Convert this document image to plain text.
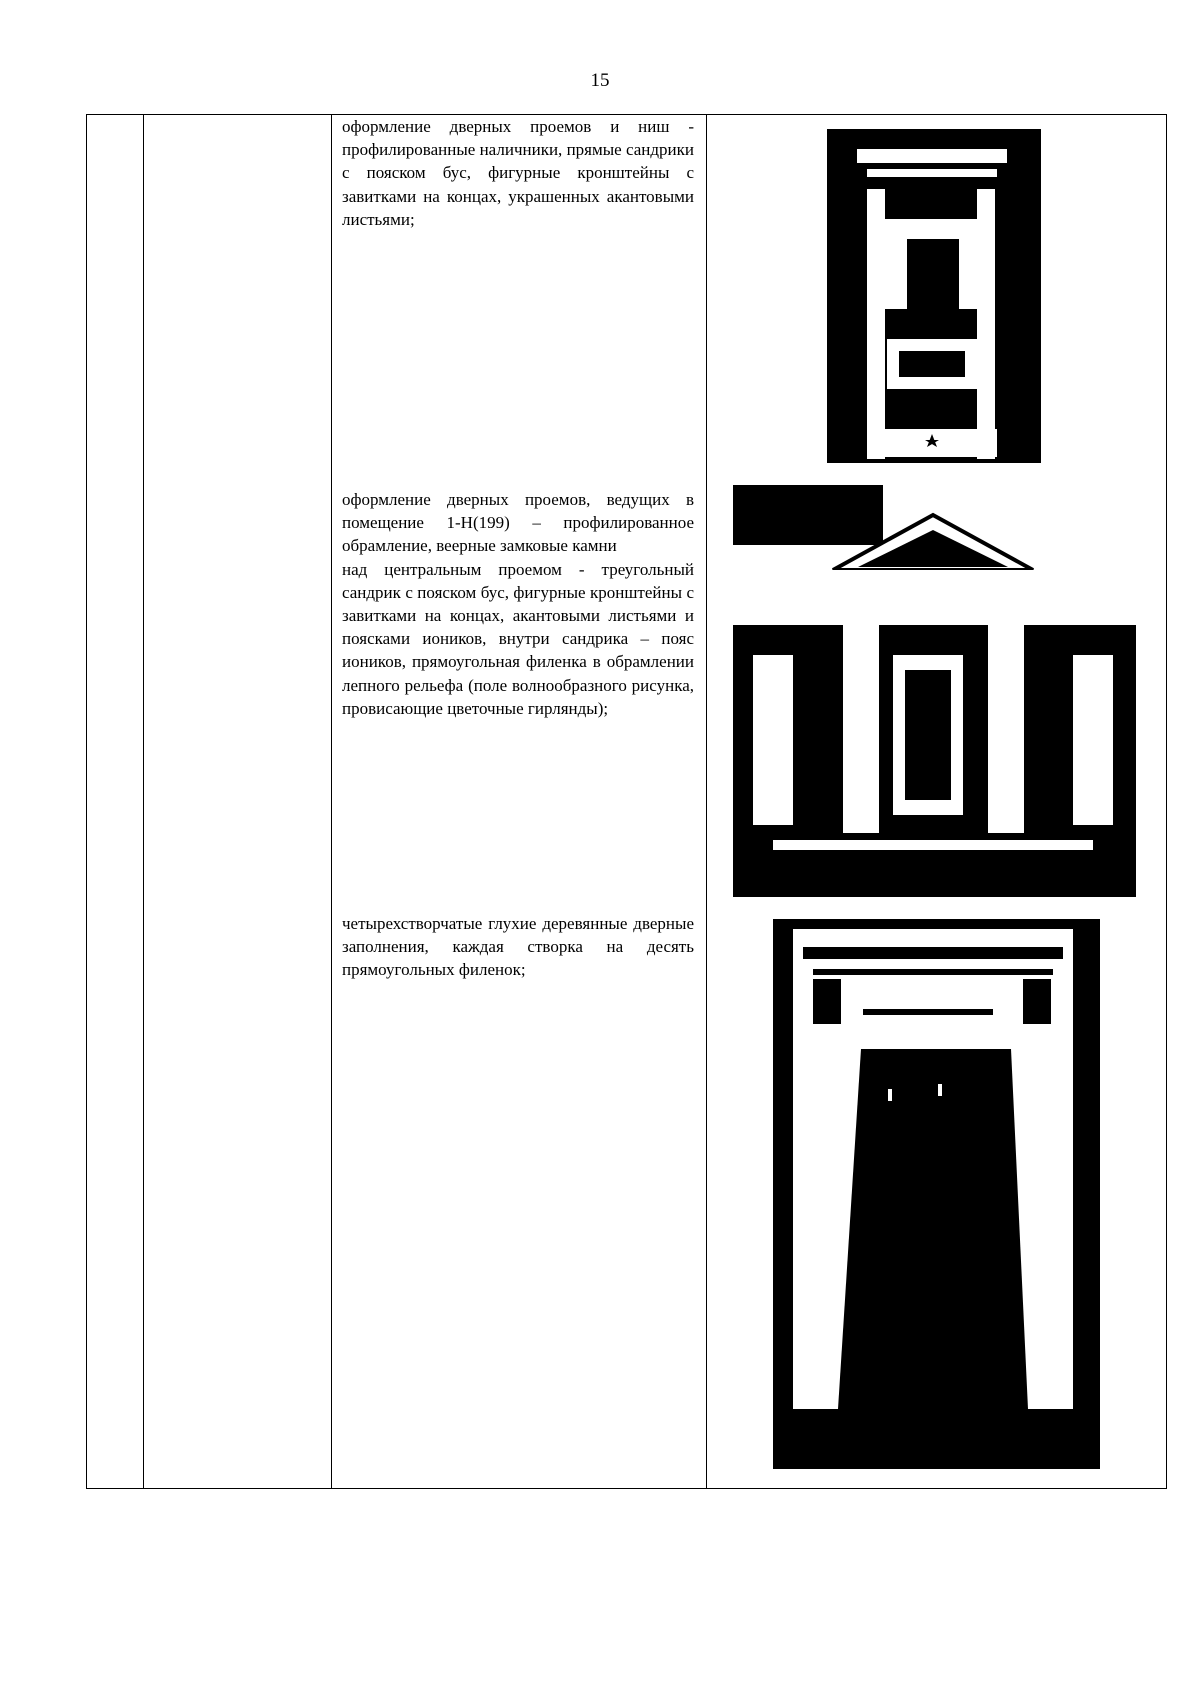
15

оформление дверных проемов и ниш - профилированные наличники, прямые сандрики с пояском бус, фигурные кронштейны с завитками на концах, украшенных акантовыми листьями;
оформление дверных проемов, ведущих в помещение 1-Н(199) – профилированное обрамление, веерные замковые камни
над центральным проемом - треугольный сандрик с пояском бус, фигурные кронштейны с завитками на концах, акантовыми листьями и поясками иоников, внутри сандрика – пояс иоников, прямоугольная филенка в обрамлении лепного рельефа (поле волнообразного рисунка, провисающие цветочные гирлянды);
четырехстворчатые глухие деревянные дверные заполнения, каждая створка на десять прямоугольных филенок;
